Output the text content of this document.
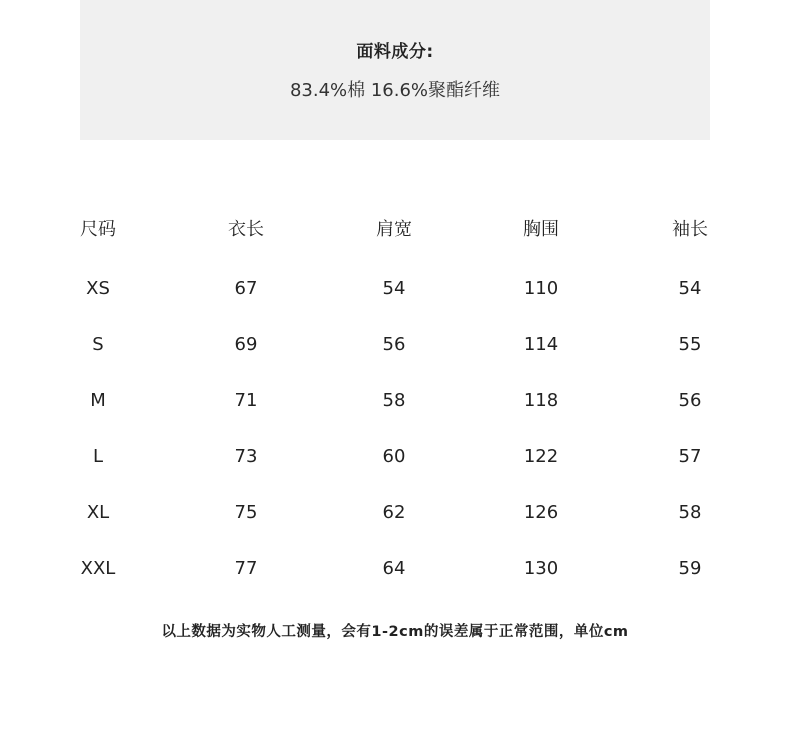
面料成分:
83.4%棉 16.6%聚酯纤维
尺码	衣长	肩宽	胸围	袖长
XS	67	54	110	54
S	69	56	114	55
M	71	58	118	56
L	73	60	122	57
XL	75	62	126	58
XXL	77	64	130	59
以上数据为实物人工测量，会有1-2cm的误差属于正常范围，单位cm
